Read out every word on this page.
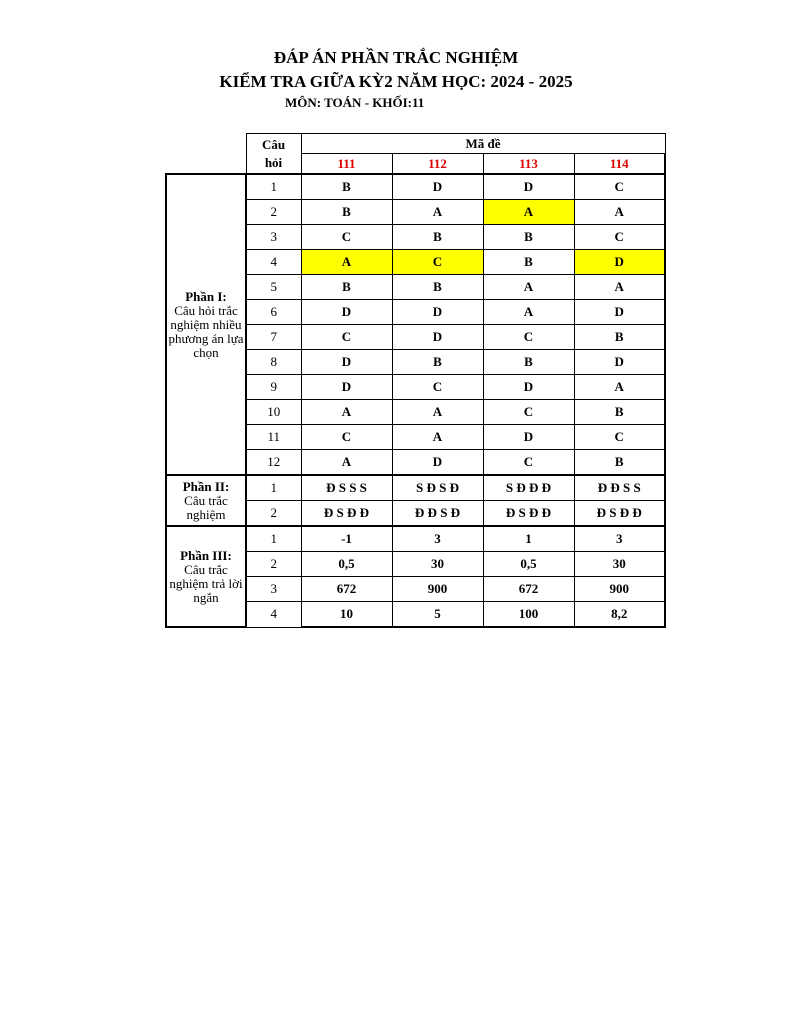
ĐÁP ÁN PHẦN TRẮC NGHIỆM
KIỂM TRA GIỮA KỲ2 NĂM HỌC: 2024 - 2025
MÔN: TOÁN - KHỐI:11
	Câu hỏi	Mã đề			
		111	112	113	114

Phần I:
Câu hỏi trắc nghiệm nhiều phương án lựa chọn	1	B	D	D	C
	2	B	A	A	A
	3	C	B	B	C
	4	A	C	B	D
	5	B	B	A	A
	6	D	D	A	D
	7	C	D	C	B
	8	D	B	B	D
	9	D	C	D	A
	10	A	A	C	B
	11	C	A	D	C
	12	A	D	C	B

Phần II:
Câu trắc nghiệm	1	Đ S S S	S Đ S Đ	S Đ Đ Đ	Đ Đ S S
	2	Đ S Đ Đ	Đ Đ S Đ	Đ S Đ Đ	Đ S Đ Đ

Phần III:
Câu trắc nghiệm trả lời ngắn	1	-1	3	1	3
	2	0,5	30	0,5	30
	3	672	900	672	900
	4	10	5	100	8,2
